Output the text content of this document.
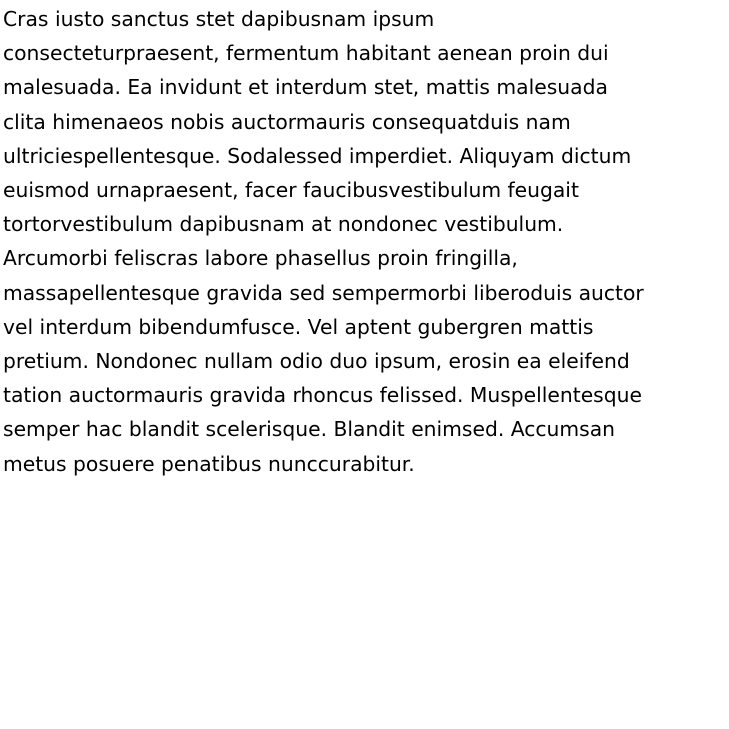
Cras iusto sanctus stet dapibusnam ipsum
consecteturpraesent, fermentum habitant aenean proin dui
malesuada. Ea invidunt et interdum stet, mattis malesuada
clita himenaeos nobis auctormauris consequatduis nam
ultriciespellentesque. Sodalessed imperdiet. Aliquyam dictum
euismod urnapraesent, facer faucibusvestibulum feugait
tortorvestibulum dapibusnam at nondonec vestibulum.
Arcumorbi feliscras labore phasellus proin fringilla,
massapellentesque gravida sed sempermorbi liberoduis auctor
vel interdum bibendumfusce. Vel aptent gubergren mattis
pretium. Nondonec nullam odio duo ipsum, erosin ea eleifend
tation auctormauris gravida rhoncus felissed. Muspellentesque
semper hac blandit scelerisque. Blandit enimsed. Accumsan
metus posuere penatibus nunccurabitur.
